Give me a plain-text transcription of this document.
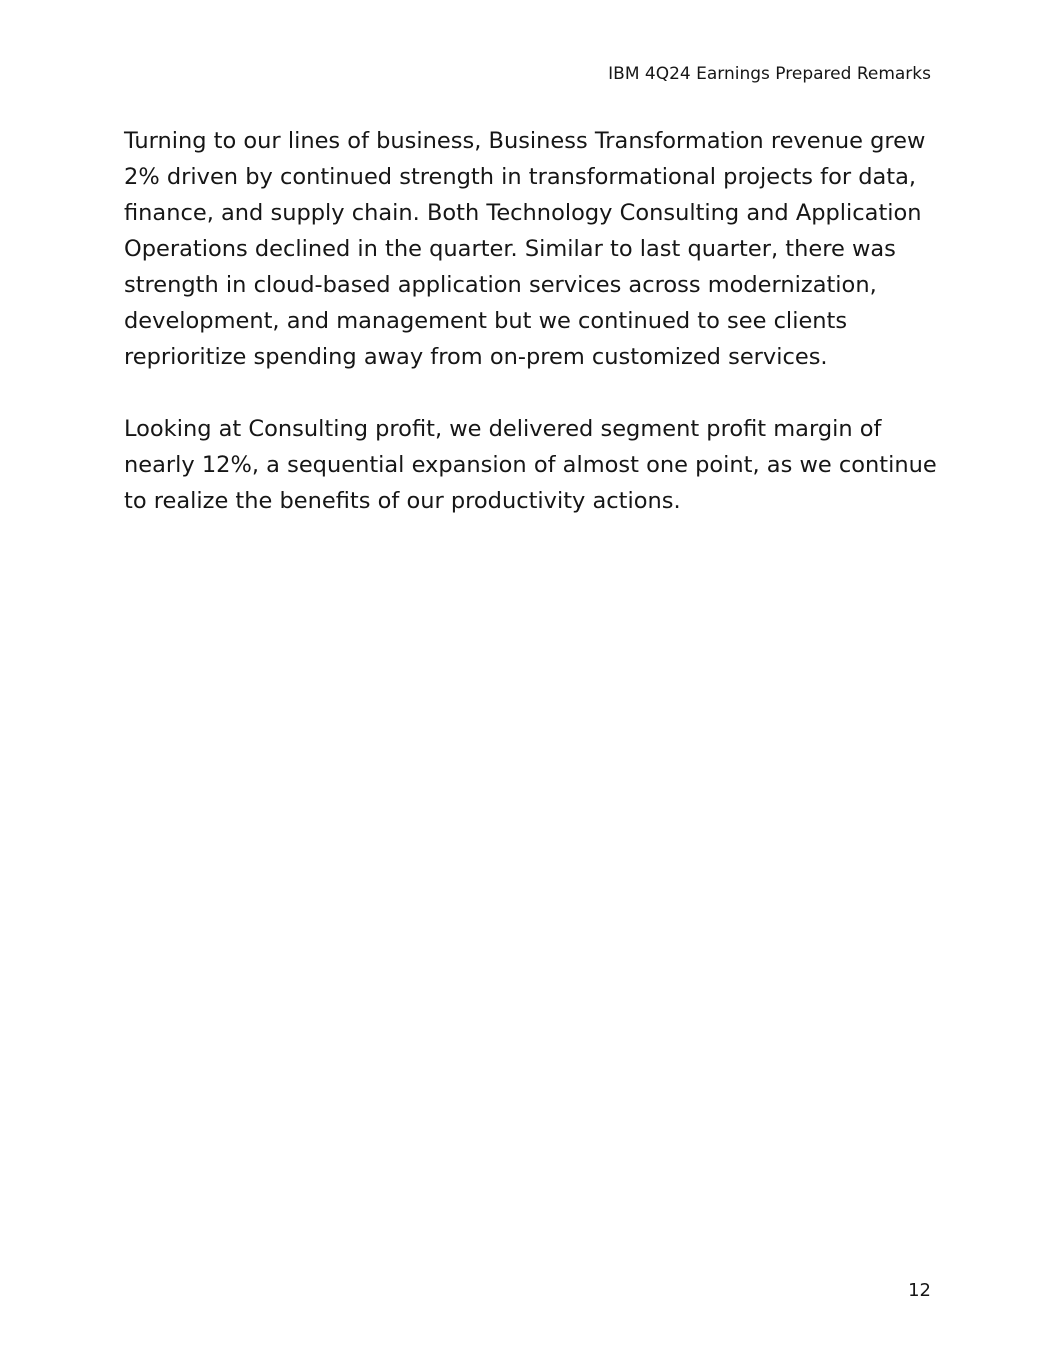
IBM 4Q24 Earnings Prepared Remarks

Turning to our lines of business, Business Transformation revenue grew 2% driven by continued strength in transformational projects for data, finance, and supply chain. Both Technology Consulting and Application Operations declined in the quarter. Similar to last quarter, there was strength in cloud-based application services across modernization, development, and management but we continued to see clients reprioritize spending away from on-prem customized services.

Looking at Consulting profit, we delivered segment profit margin of nearly 12%, a sequential expansion of almost one point, as we continue to realize the benefits of our productivity actions.

12
